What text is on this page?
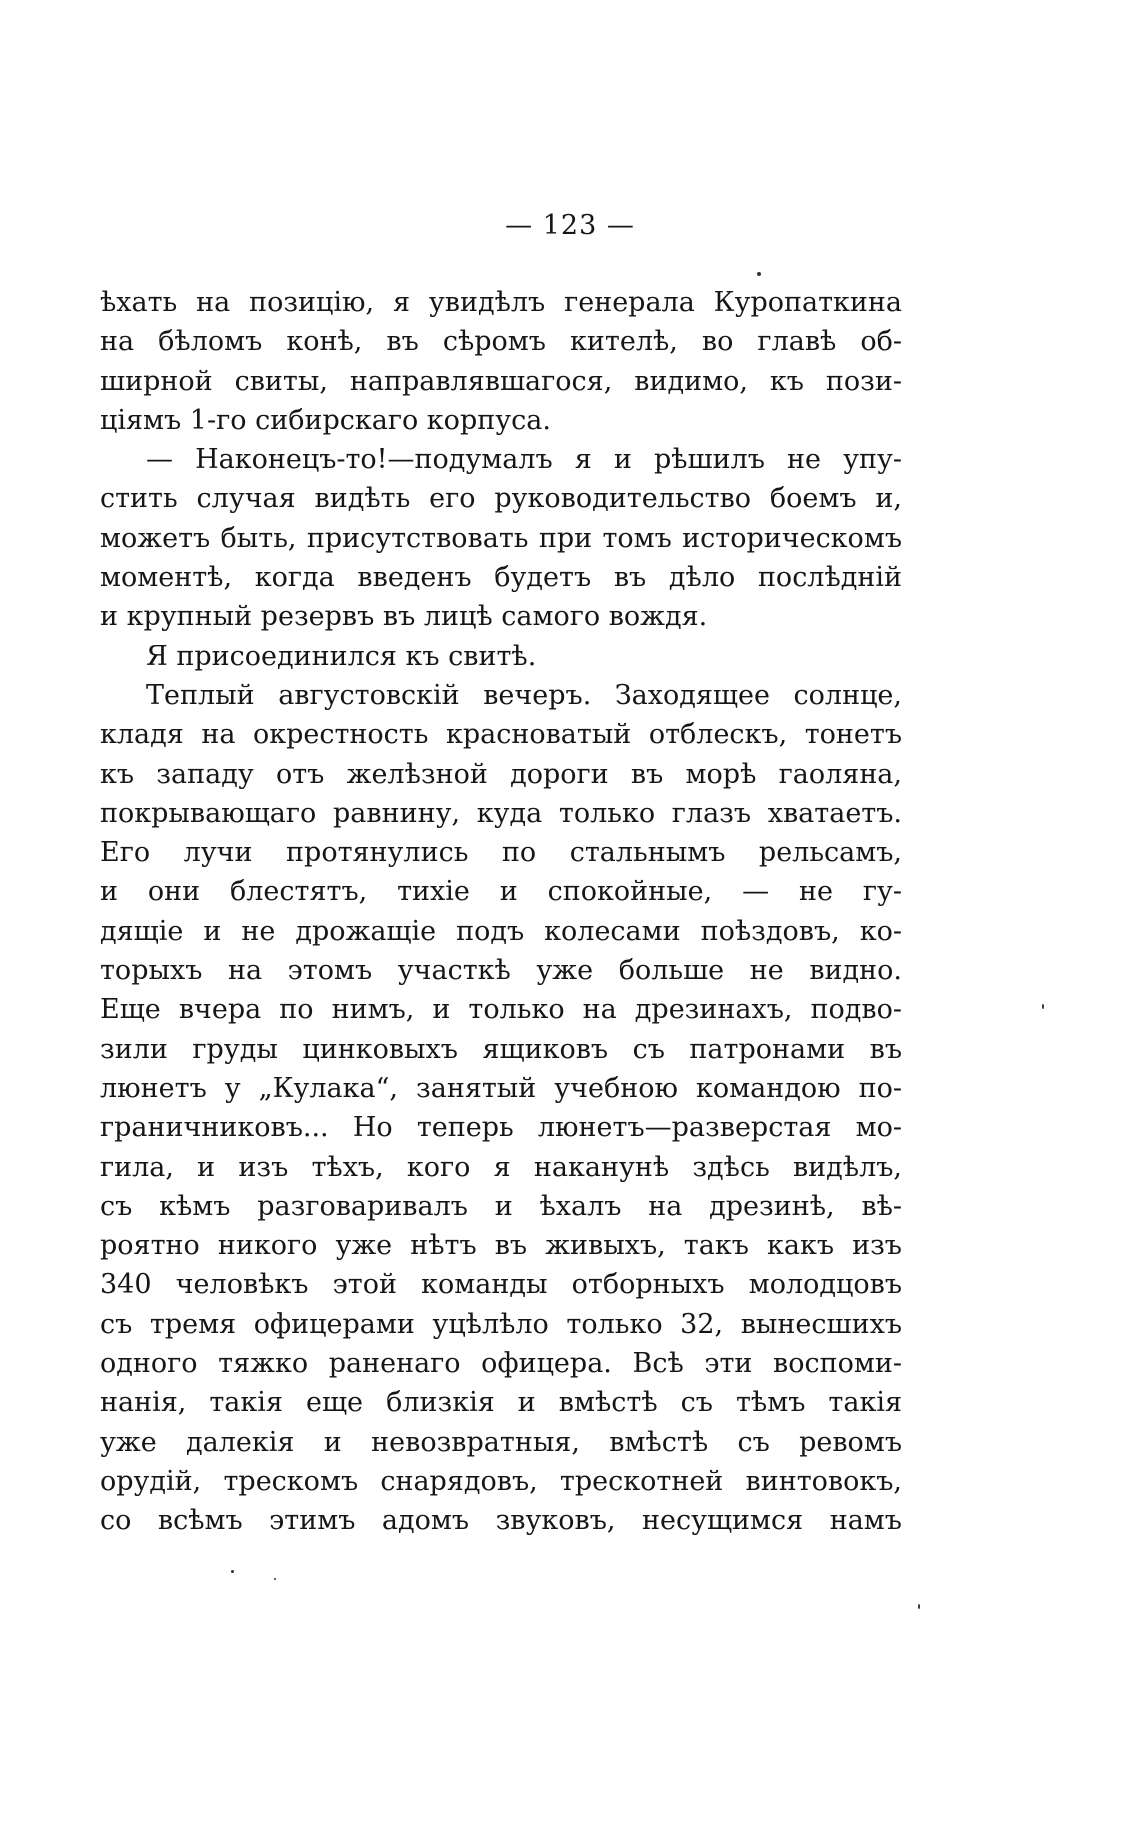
— 123 —
ѣхать на позицію, я увидѣлъ генерала Куропаткина
на бѣломъ конѣ, въ сѣромъ кителѣ, во главѣ об-
ширной свиты, направлявшагося, видимо, къ пози-
ціямъ 1-го сибирскаго корпуса.
— Наконецъ-то!—подумалъ я и рѣшилъ не упу-
стить случая видѣть его руководительство боемъ и,
можетъ быть, присутствовать при томъ историческомъ
моментѣ, когда введенъ будетъ въ дѣло послѣдній
и крупный резервъ въ лицѣ самого вождя.
Я присоединился къ свитѣ.
Теплый августовскій вечеръ. Заходящее солнце,
кладя на окрестность красноватый отблескъ, тонетъ
къ западу отъ желѣзной дороги въ морѣ гаоляна,
покрывающаго равнину, куда только глазъ хватаетъ.
Его лучи протянулись по стальнымъ рельсамъ,
и они блестятъ, тихіе и спокойные, — не гу-
дящіе и не дрожащіе подъ колесами поѣздовъ, ко-
торыхъ на этомъ участкѣ уже больше не видно.
Еще вчера по нимъ, и только на дрезинахъ, подво-
зили груды цинковыхъ ящиковъ съ патронами въ
люнетъ у „Кулака“, занятый учебною командою по-
граничниковъ... Но теперь люнетъ—разверстая мо-
гила, и изъ тѣхъ, кого я наканунѣ здѣсь видѣлъ,
съ кѣмъ разговаривалъ и ѣхалъ на дрезинѣ, вѣ-
роятно никого уже нѣтъ въ живыхъ, такъ какъ изъ
340 человѣкъ этой команды отборныхъ молодцовъ
съ тремя офицерами уцѣлѣло только 32, вынесшихъ
одного тяжко раненаго офицера. Всѣ эти воспоми-
нанія, такія еще близкія и вмѣстѣ съ тѣмъ такія
уже далекія и невозвратныя, вмѣстѣ съ ревомъ
орудій, трескомъ снарядовъ, трескотней винтовокъ,
со всѣмъ этимъ адомъ звуковъ, несущимся намъ
